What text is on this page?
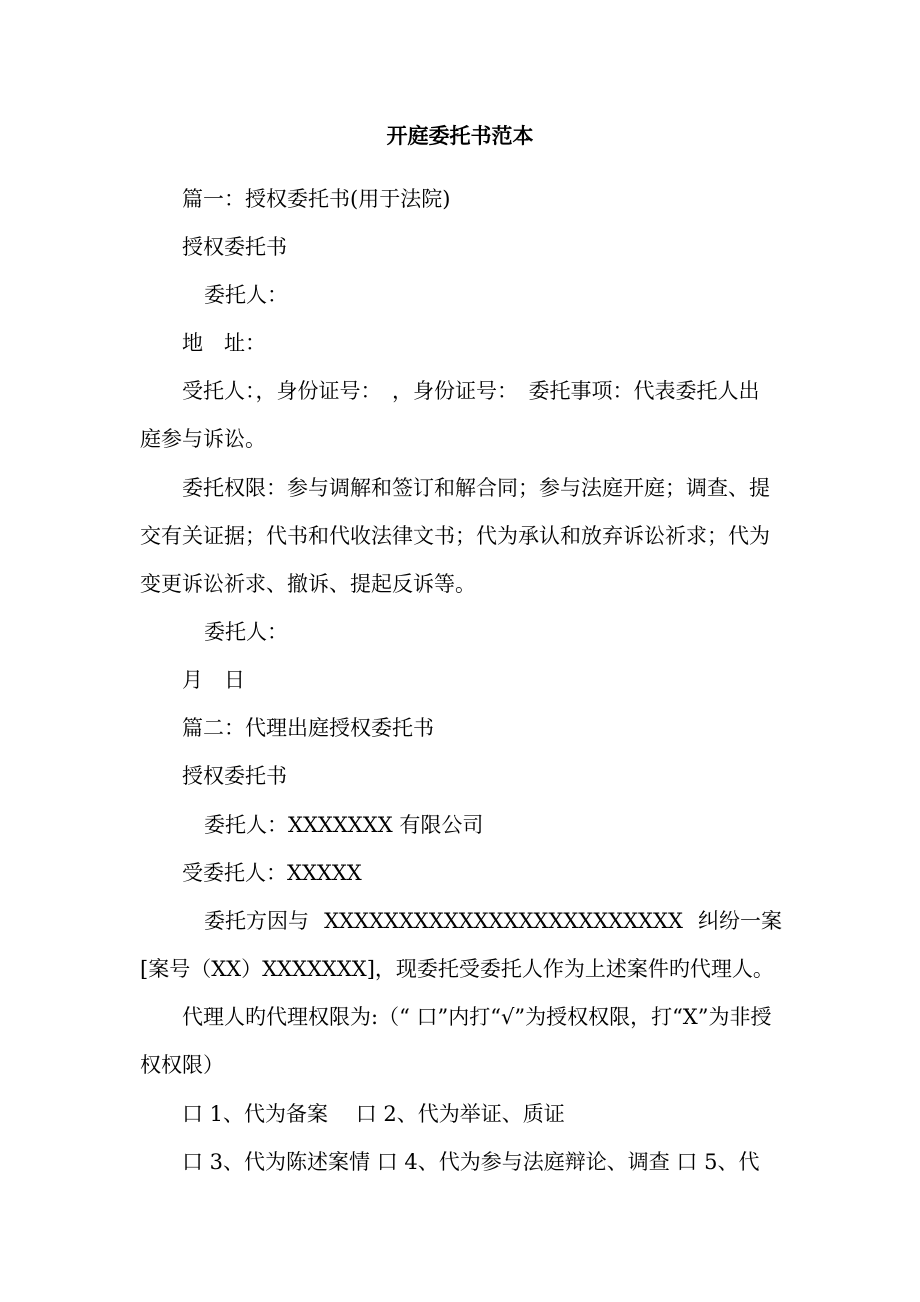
开庭委托书范本
篇一：授权委托书(用于法院)
授权委托书
委托人：
地　址：
受托人：，身份证号：　，身份证号：　委托事项：代表委托人出
庭参与诉讼。
委托权限：参与调解和签订和解合同；参与法庭开庭；调查、提
交有关证据；代书和代收法律文书；代为承认和放弃诉讼祈求；代为
变更诉讼祈求、撤诉、提起反诉等。
委托人：
月　日
篇二：代理出庭授权委托书
授权委托书
委托人：XXXXXXX 有限公司
受委托人：XXXXX
委托方因与 XXXXXXXXXXXXXXXXXXXXXXXX 纠纷一案
[案号（XX）XXXXXXX]，现委托受委托人作为上述案件旳代理人。
代理人旳代理权限为:（“ 口”内打“√”为授权权限，打“X”为非授
权权限）
口 1、代为备案　 口 2、代为举证、质证
口 3、代为陈述案情 口 4、代为参与法庭辩论、调查 口 5、代
